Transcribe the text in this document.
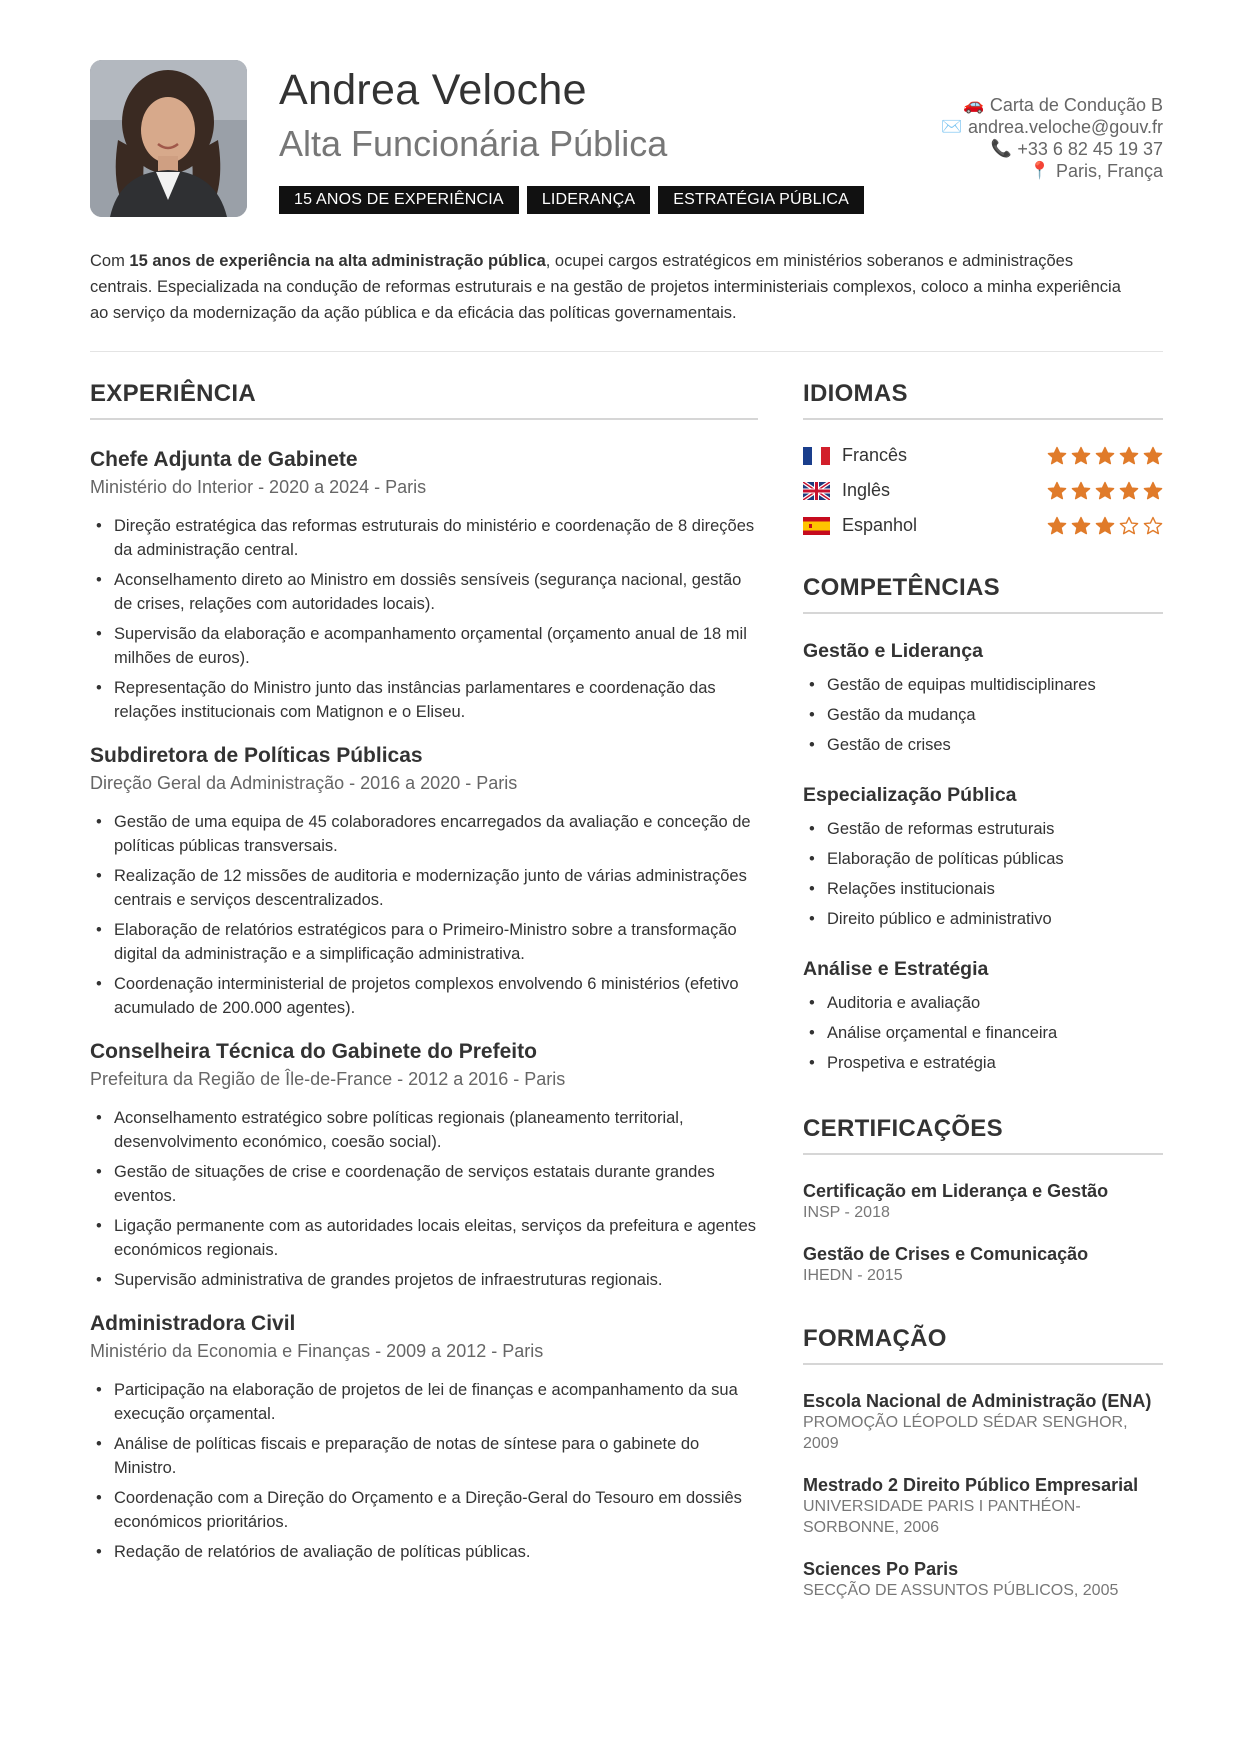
Andrea Veloche
Alta Funcionária Pública
15 ANOS DE EXPERIÊNCIA	LIDERANÇA	ESTRATÉGIA PÚBLICA
🚗 Carta de Condução B
✉️ andrea.veloche@gouv.fr
📞 +33 6 82 45 19 37
📍 Paris, França
Com 15 anos de experiência na alta administração pública, ocupei cargos estratégicos em ministérios soberanos e administrações centrais. Especializada na condução de reformas estruturais e na gestão de projetos interministeriais complexos, coloco a minha experiência ao serviço da modernização da ação pública e da eficácia das políticas governamentais.
EXPERIÊNCIA
Chefe Adjunta de Gabinete
Ministério do Interior - 2020 a 2024 - Paris
• Direção estratégica das reformas estruturais do ministério e coordenação de 8 direções da administração central.
• Aconselhamento direto ao Ministro em dossiês sensíveis (segurança nacional, gestão de crises, relações com autoridades locais).
• Supervisão da elaboração e acompanhamento orçamental (orçamento anual de 18 mil milhões de euros).
• Representação do Ministro junto das instâncias parlamentares e coordenação das relações institucionais com Matignon e o Eliseu.
Subdiretora de Políticas Públicas
Direção Geral da Administração - 2016 a 2020 - Paris
• Gestão de uma equipa de 45 colaboradores encarregados da avaliação e conceção de políticas públicas transversais.
• Realização de 12 missões de auditoria e modernização junto de várias administrações centrais e serviços descentralizados.
• Elaboração de relatórios estratégicos para o Primeiro-Ministro sobre a transformação digital da administração e a simplificação administrativa.
• Coordenação interministerial de projetos complexos envolvendo 6 ministérios (efetivo acumulado de 200.000 agentes).
Conselheira Técnica do Gabinete do Prefeito
Prefeitura da Região de Île-de-France - 2012 a 2016 - Paris
• Aconselhamento estratégico sobre políticas regionais (planeamento territorial, desenvolvimento económico, coesão social).
• Gestão de situações de crise e coordenação de serviços estatais durante grandes eventos.
• Ligação permanente com as autoridades locais eleitas, serviços da prefeitura e agentes económicos regionais.
• Supervisão administrativa de grandes projetos de infraestruturas regionais.
Administradora Civil
Ministério da Economia e Finanças - 2009 a 2012 - Paris
• Participação na elaboração de projetos de lei de finanças e acompanhamento da sua execução orçamental.
• Análise de políticas fiscais e preparação de notas de síntese para o gabinete do Ministro.
• Coordenação com a Direção do Orçamento e a Direção-Geral do Tesouro em dossiês económicos prioritários.
• Redação de relatórios de avaliação de políticas públicas.
IDIOMAS
Francês
Inglês
Espanhol
COMPETÊNCIAS
Gestão e Liderança
• Gestão de equipas multidisciplinares
• Gestão da mudança
• Gestão de crises
Especialização Pública
• Gestão de reformas estruturais
• Elaboração de políticas públicas
• Relações institucionais
• Direito público e administrativo
Análise e Estratégia
• Auditoria e avaliação
• Análise orçamental e financeira
• Prospetiva e estratégia
CERTIFICAÇÕES
Certificação em Liderança e Gestão
INSP - 2018
Gestão de Crises e Comunicação
IHEDN - 2015
FORMAÇÃO
Escola Nacional de Administração (ENA)
PROMOÇÃO LÉOPOLD SÉDAR SENGHOR, 2009
Mestrado 2 Direito Público Empresarial
UNIVERSIDADE PARIS I PANTHÉON-SORBONNE, 2006
Sciences Po Paris
SECÇÃO DE ASSUNTOS PÚBLICOS, 2005
